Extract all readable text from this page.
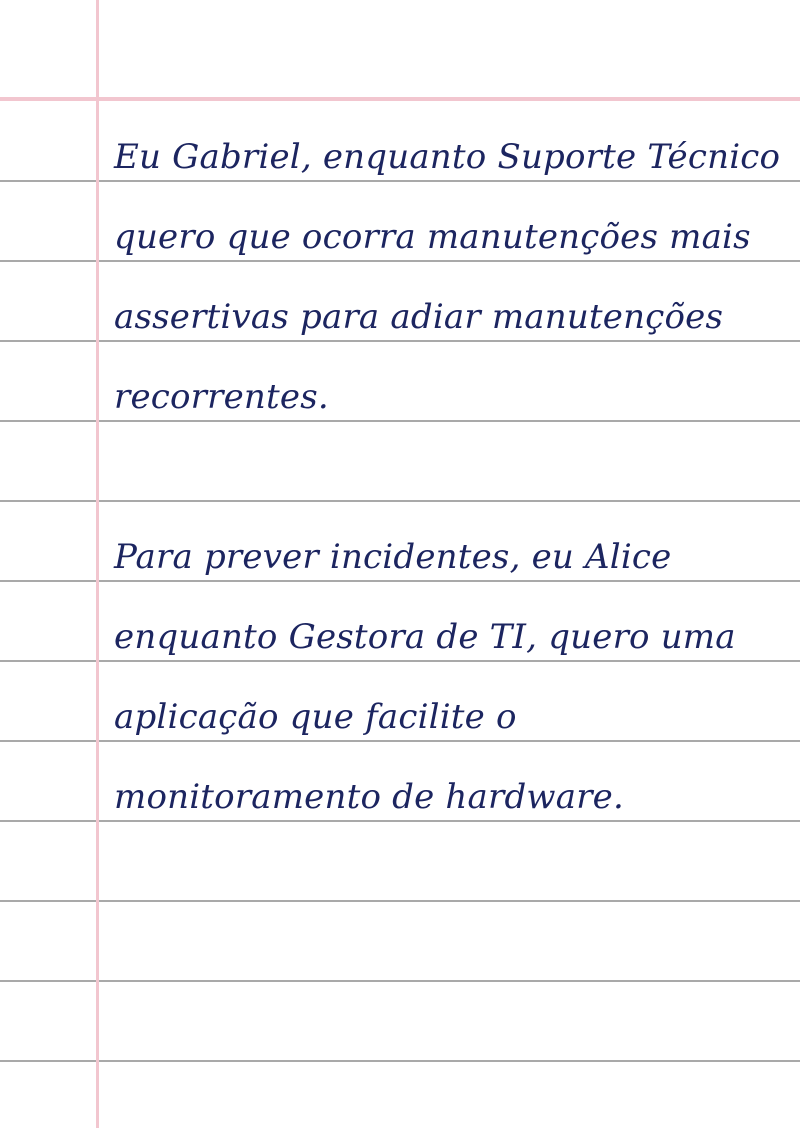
Eu Gabriel, enquanto Suporte Técnico
quero que ocorra manutenções mais
assertivas para adiar manutenções
recorrentes.
Para prever incidentes, eu Alice
enquanto Gestora de TI, quero uma
aplicação que facilite o
monitoramento de hardware.
